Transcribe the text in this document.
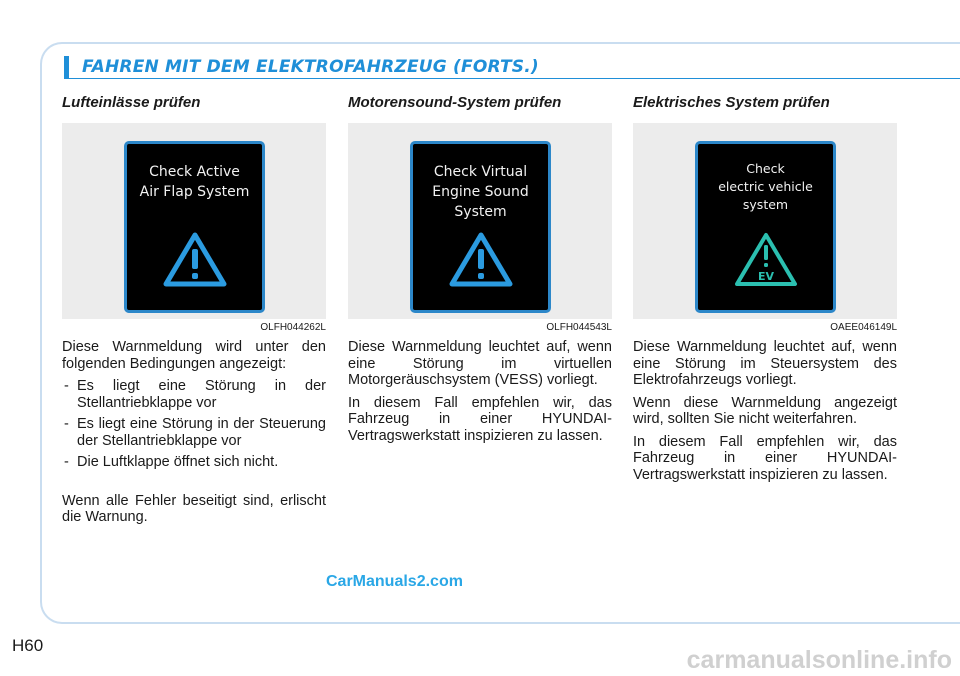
FAHREN MIT DEM ELEKTROFAHRZEUG (FORTS.)
Lufteinlässe prüfen
Check Active
Air Flap System
OLFH044262L
Diese Warnmeldung wird unter den folgenden Bedingungen angezeigt:
- Es liegt eine Störung in der Stellantriebklappe vor
- Es liegt eine Störung in der Steuerung der Stellantriebklappe vor
- Die Luftklappe öffnet sich nicht.
Wenn alle Fehler beseitigt sind, erlischt die Warnung.
Motorensound-System prüfen
Check Virtual
Engine Sound
System
OLFH044543L
Diese Warnmeldung leuchtet auf, wenn eine Störung im virtuellen Motorgeräuschsystem (VESS) vorliegt.
In diesem Fall empfehlen wir, das Fahrzeug in einer HYUNDAI-Vertragswerkstatt inspizieren zu lassen.
Elektrisches System prüfen
Check
electric vehicle
system
EV
OAEE046149L
Diese Warnmeldung leuchtet auf, wenn eine Störung im Steuersystem des Elektrofahrzeugs vorliegt.
Wenn diese Warnmeldung angezeigt wird, sollten Sie nicht weiterfahren.
In diesem Fall empfehlen wir, das Fahrzeug in einer HYUNDAI-Vertragswerkstatt inspizieren zu lassen.
CarManuals2.com
H60
carmanualsonline.info
